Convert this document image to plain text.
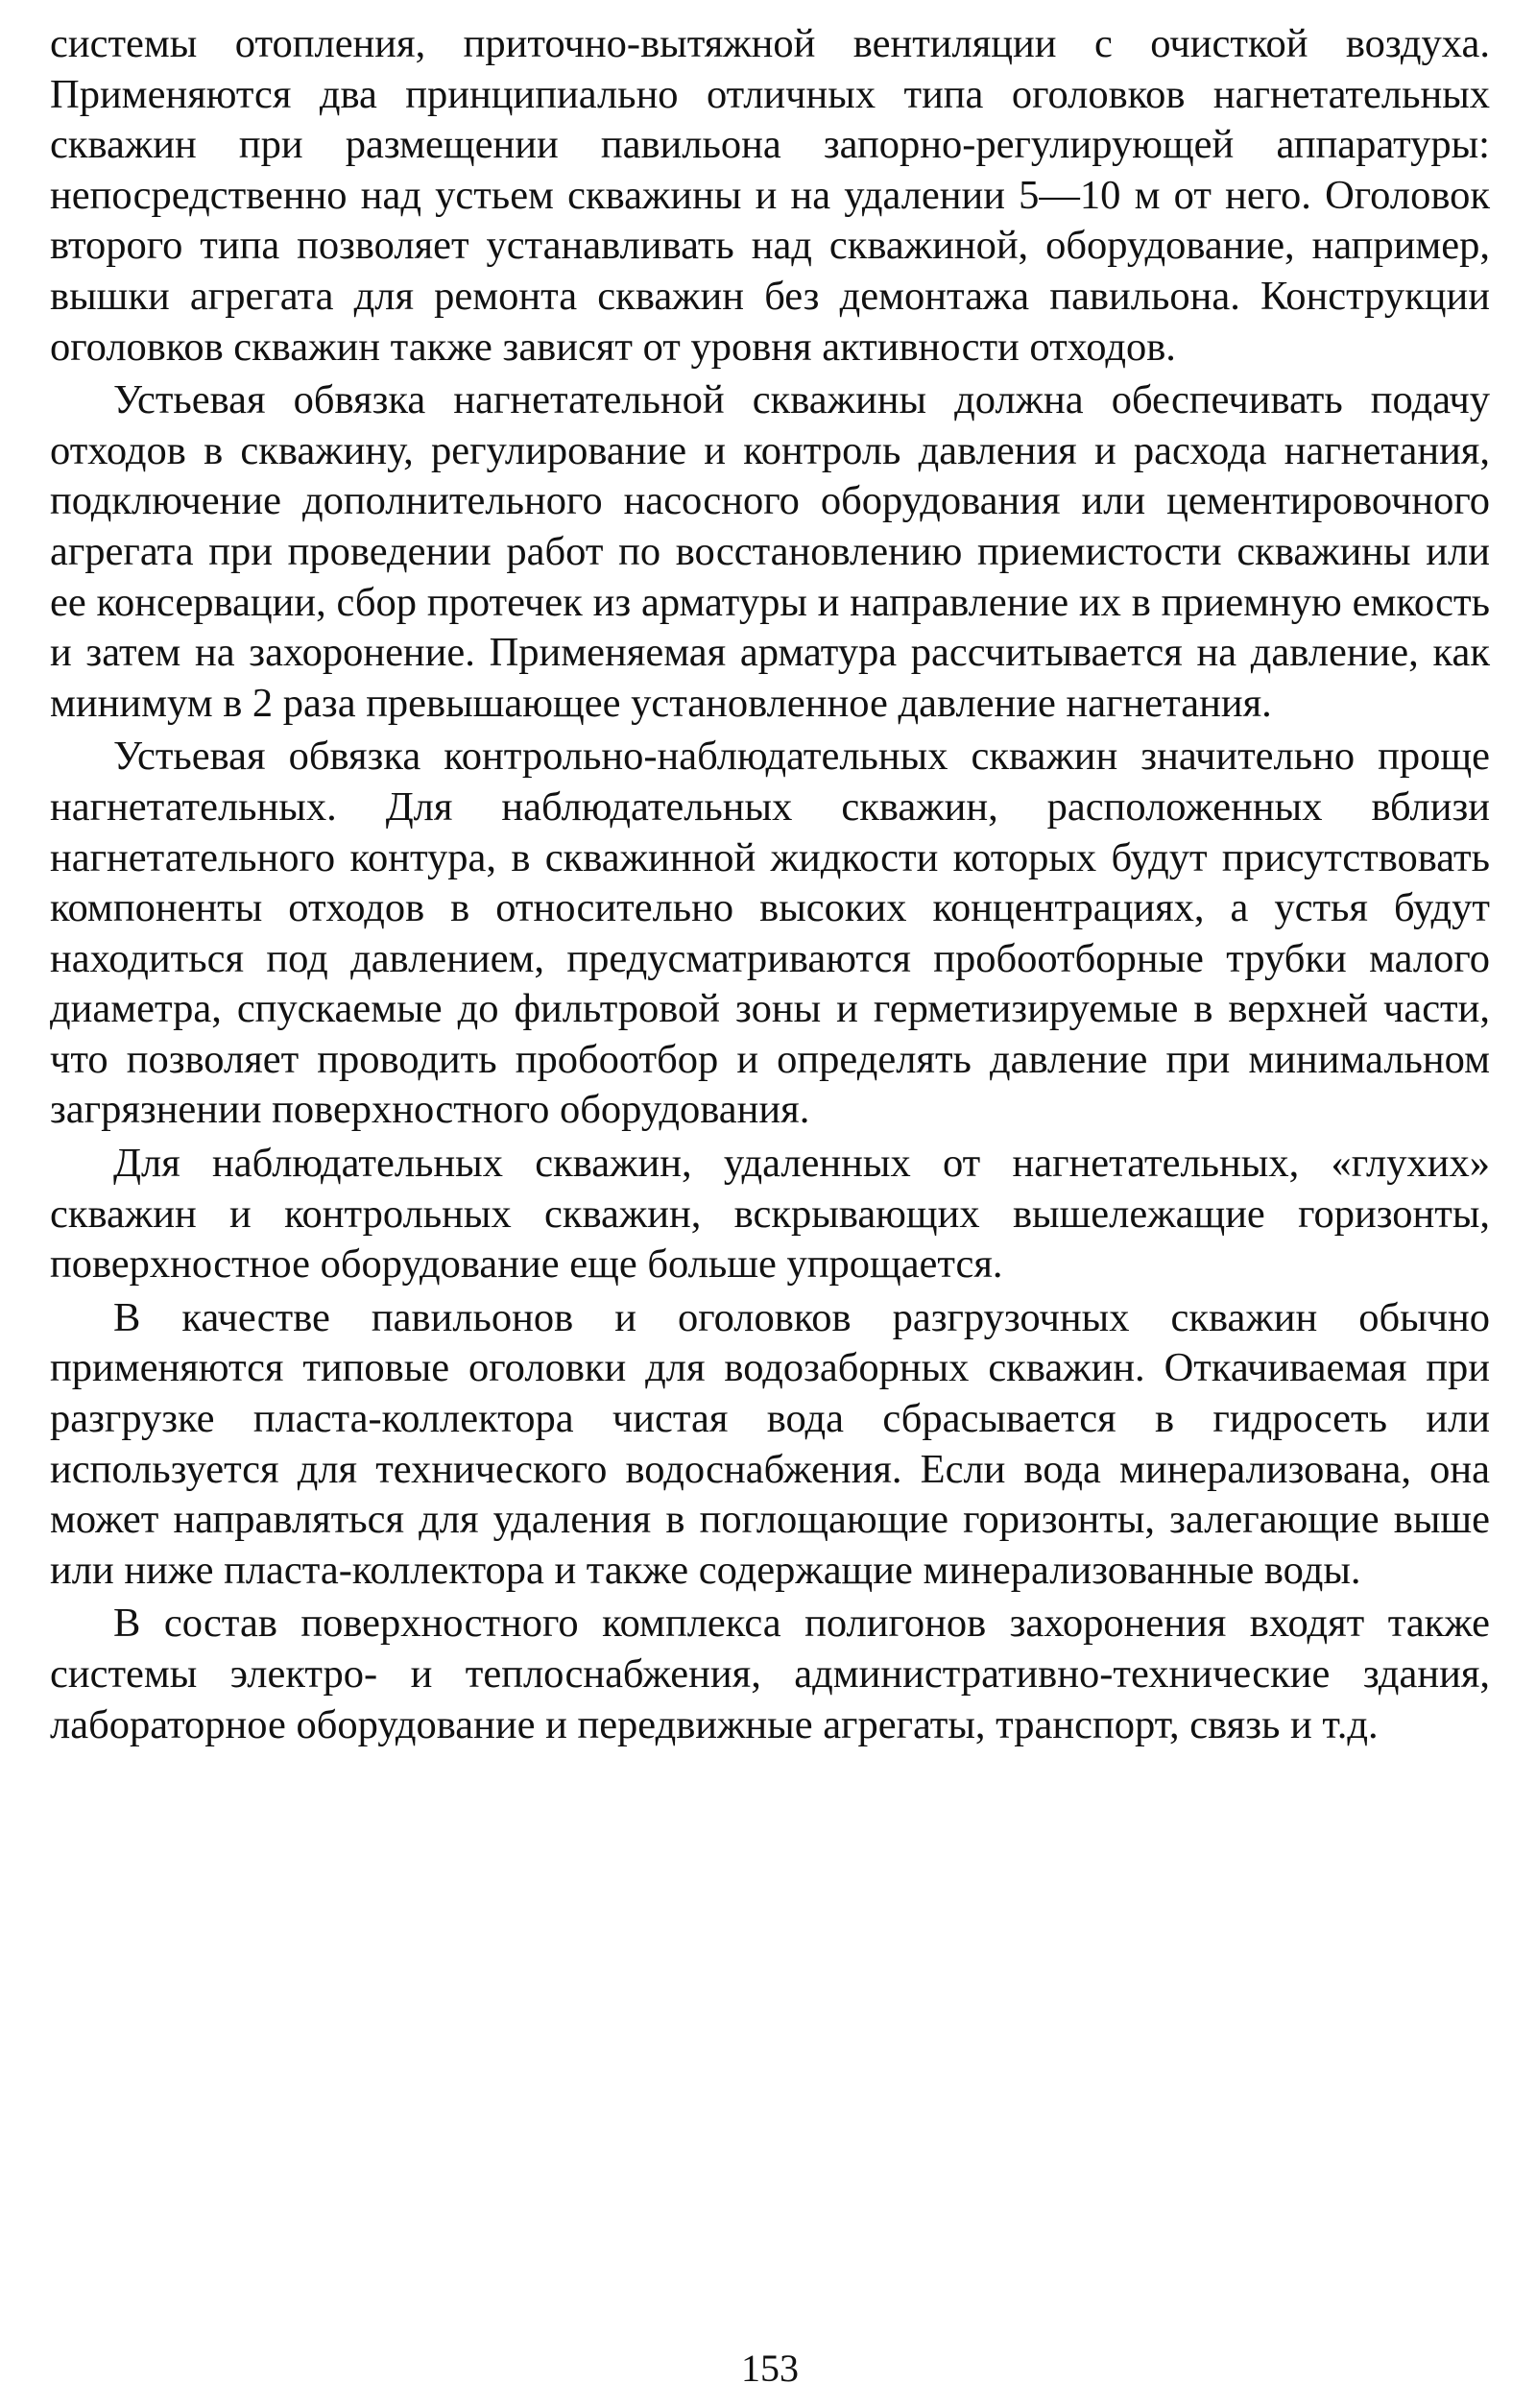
системы отопления, приточно-вытяжной вентиляции с очисткой воздуха. Применяются два принципиально отличных типа оголовков нагнетательных скважин при размещении павильона запорно-регулирующей аппаратуры: непосредственно над устьем скважины и на удалении 5—10 м от него. Оголовок второго типа позволяет устанавливать над скважиной, оборудование, например, вышки агрегата для ремонта скважин без демонтажа павильона. Конструкции оголовков скважин также зависят от уровня активности отходов.

Устьевая обвязка нагнетательной скважины должна обеспечивать подачу отходов в скважину, регулирование и контроль давления и расхода нагнетания, подключение дополнительного насосного оборудования или цементировочного агрегата при проведении работ по восстановлению приемистости скважины или ее консервации, сбор протечек из арматуры и направление их в приемную емкость и затем на захоронение. Применяемая арматура рассчитывается на давление, как минимум в 2 раза превышающее установленное давление нагнетания.

Устьевая обвязка контрольно-наблюдательных скважин значительно проще нагнетательных. Для наблюдательных скважин, расположенных вблизи нагнетательного контура, в скважинной жидкости которых будут присутствовать компоненты отходов в относительно высоких концентрациях, а устья будут находиться под давлением, предусматриваются пробоотборные трубки малого диаметра, спускаемые до фильтровой зоны и герметизируемые в верхней части, что позволяет проводить пробоотбор и определять давление при минимальном загрязнении поверхностного оборудования.

Для наблюдательных скважин, удаленных от нагнетательных, «глухих» скважин и контрольных скважин, вскрывающих вышележащие горизонты, поверхностное оборудование еще больше упрощается.

В качестве павильонов и оголовков разгрузочных скважин обычно применяются типовые оголовки для водозаборных скважин. Откачиваемая при разгрузке пласта-коллектора чистая вода сбрасывается в гидросеть или используется для технического водоснабжения. Если вода минерализована, она может направляться для удаления в поглощающие горизонты, залегающие выше или ниже пласта-коллектора и также содержащие минерализованные воды.

В состав поверхностного комплекса полигонов захоронения входят также системы электро- и теплоснабжения, административно-технические здания, лабораторное оборудование и передвижные агрегаты, транспорт, связь и т.д.

153
